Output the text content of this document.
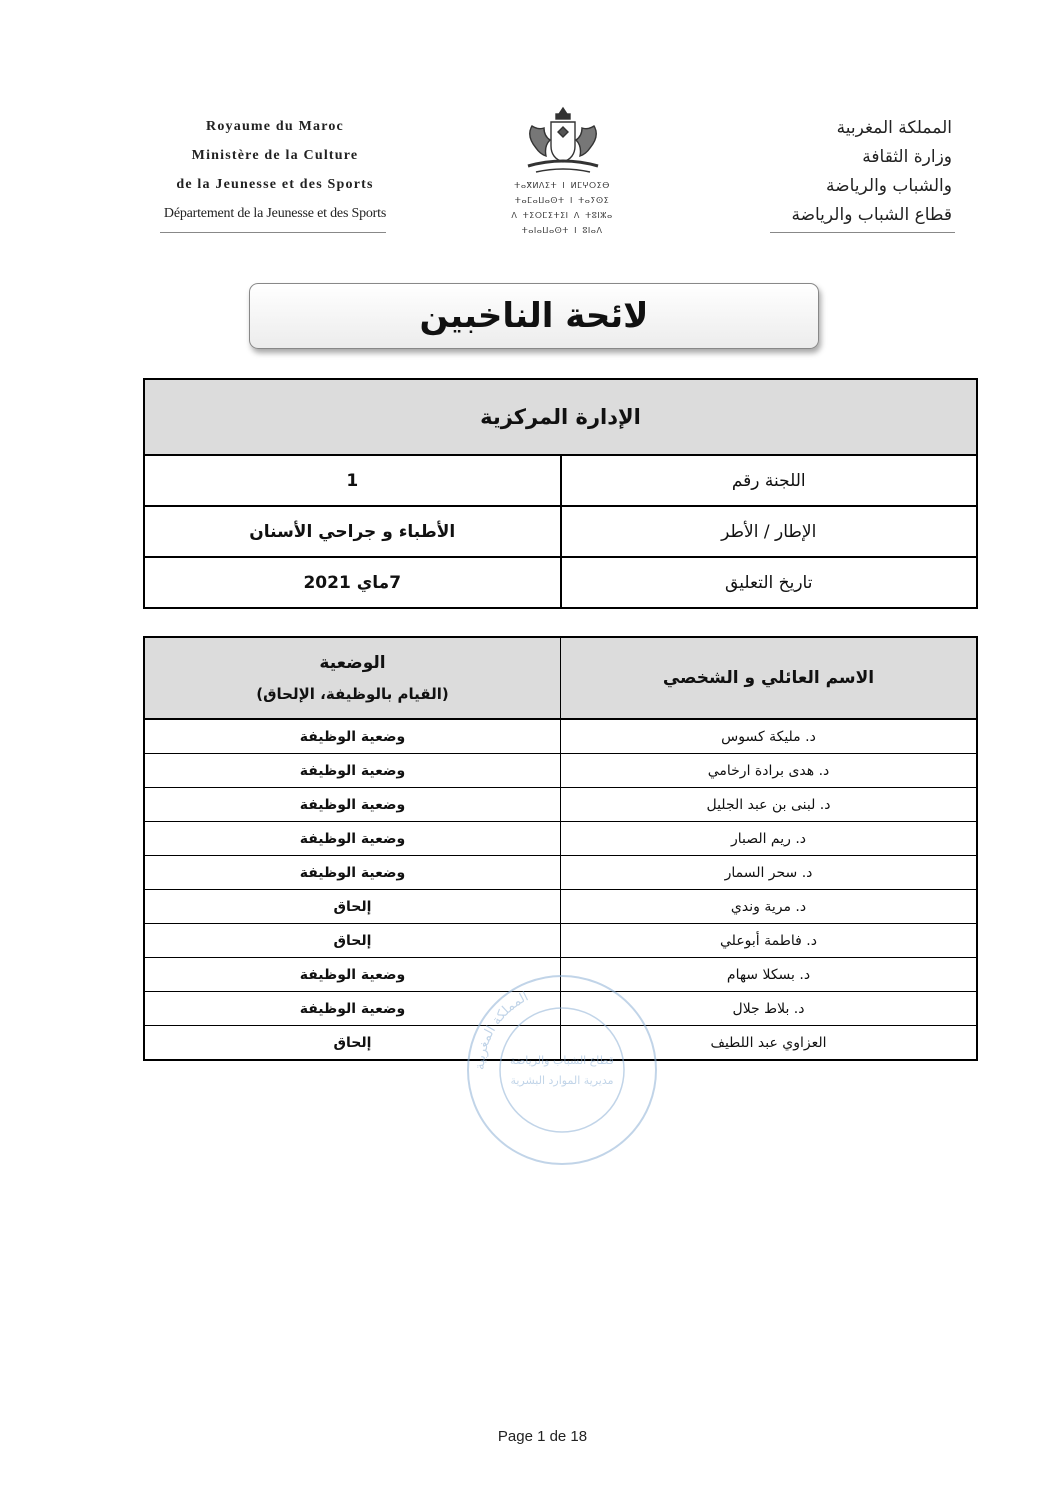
Royaume du Maroc
Ministère de la Culture
de la Jeunesse et des Sports
Département de la Jeunesse et des Sports
ⵜⴰⴳⵍⴷⵉⵜ ⵏ ⵍⵎⵖⵔⵉⴱ
ⵜⴰⵎⴰⵡⴰⵙⵜ ⵏ ⵜⴰⵢⵙⵉ
ⴷ ⵜⵉⵔⵎⵉⵜⵉⵏ ⴷ ⵜⵓⵏⵣⴰ
ⵜⴰⵏⴰⵡⴰⵙⵜ ⵏ ⵓⵏⴰⴷ
المملكة المغربية
وزارة الثقافة
والشباب والرياضة
قطاع الشباب والرياضة
لائحة الناخبين
الإدارة المركزية	
اللجنة رقم	1
الإطار / الأطر	الأطباء و جراحي الأسنان
تاريخ التعليق	7ماي 2021
الاسم العائلي و الشخصي	الوضعية
(القيام بالوظيفة، الإلحاق)

د. مليكة كسوس	وضعية الوظيفة
د. هدى برادة ارخامي	وضعية الوظيفة
د. لبنى بن عبد الجليل	وضعية الوظيفة
د. ريم الصبار	وضعية الوظيفة
د. سحر السمار	وضعية الوظيفة
د. مرية وندي	إلحاق
د. فاطمة أبوعلي	إلحاق
د. بسكلا سهام	وضعية الوظيفة
د. بلاط جلال	وضعية الوظيفة
العزاوي عبد اللطيف	إلحاق
المملكة المغربية
قطاع الشباب والرياضة
مديرية الموارد البشرية
Page 1 de 18
